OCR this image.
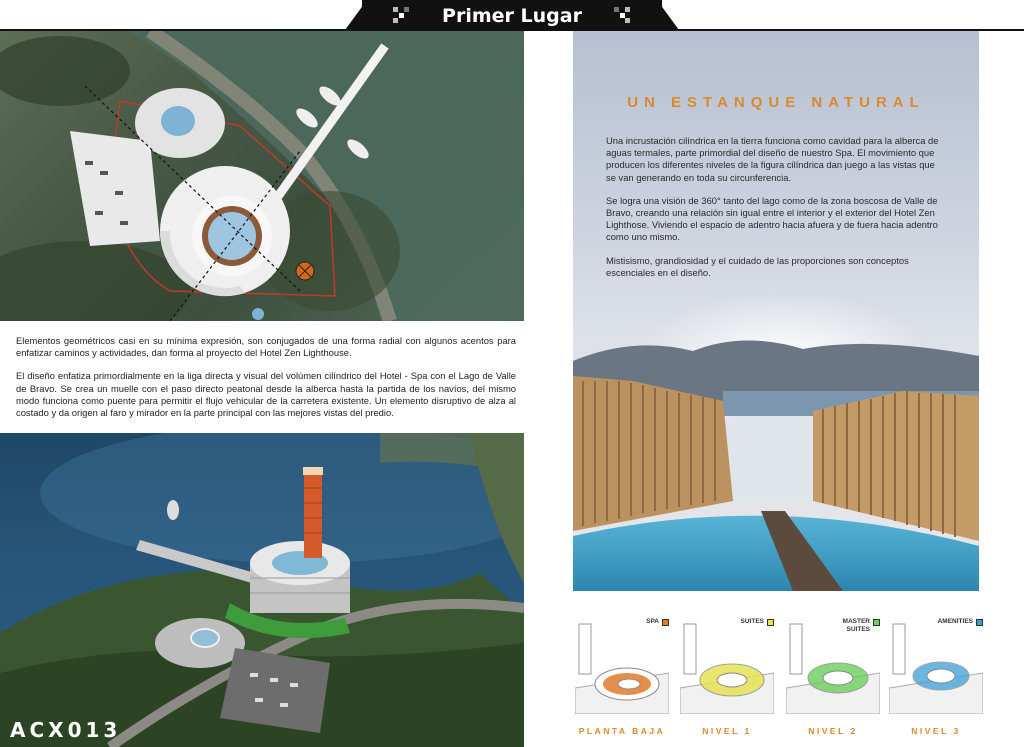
Primer Lugar

Elementos geométricos casi en su mínima expresión, son conjugados de una forma radial con algunos acentos para enfatizar caminos y actividades, dan forma al proyecto del Hotel Zen Lighthouse.

El diseño enfatiza primordialmente en la liga directa y visual del volúmen cilíndrico del Hotel - Spa con el Lago de Valle de Bravo. Se crea un muelle con el paso directo peatonal desde la alberca hasta la partida de los navíos, del mismo modo funciona como puente para permitir el flujo vehicular de la carretera existente. Un elemento disruptivo de alza al costado y da origen al faro y mirador en la parte principal con las mejores vistas del predio.

ACX013
UN ESTANQUE NATURAL

Una incrustación cilíndrica en la tierra funciona como cavidad para la alberca de aguas termales, parte primordial del diseño de nuestro Spa. El movimiento que producen los diferentes niveles de la figura cilíndrica dan juego a las vistas que se van generando en toda su circunferencia.

Se logra una visión de 360° tanto del lago como de la zona boscosa de Valle de Bravo, creando una relación sin igual entre el interior y el exterior del Hotel Zen Lighthose. Viviendo el espacio de adentro hacia afuera y de fuera hacia adentro como uno mismo.

Mistisismo, grandiosidad y el cuidado de las proporciones son conceptos escenciales en el diseño.

SPA	SUITES	MASTER SUITES
AMENITIES
PLANTA BAJA	NIVEL 1	NIVEL 2	NIVEL 3
